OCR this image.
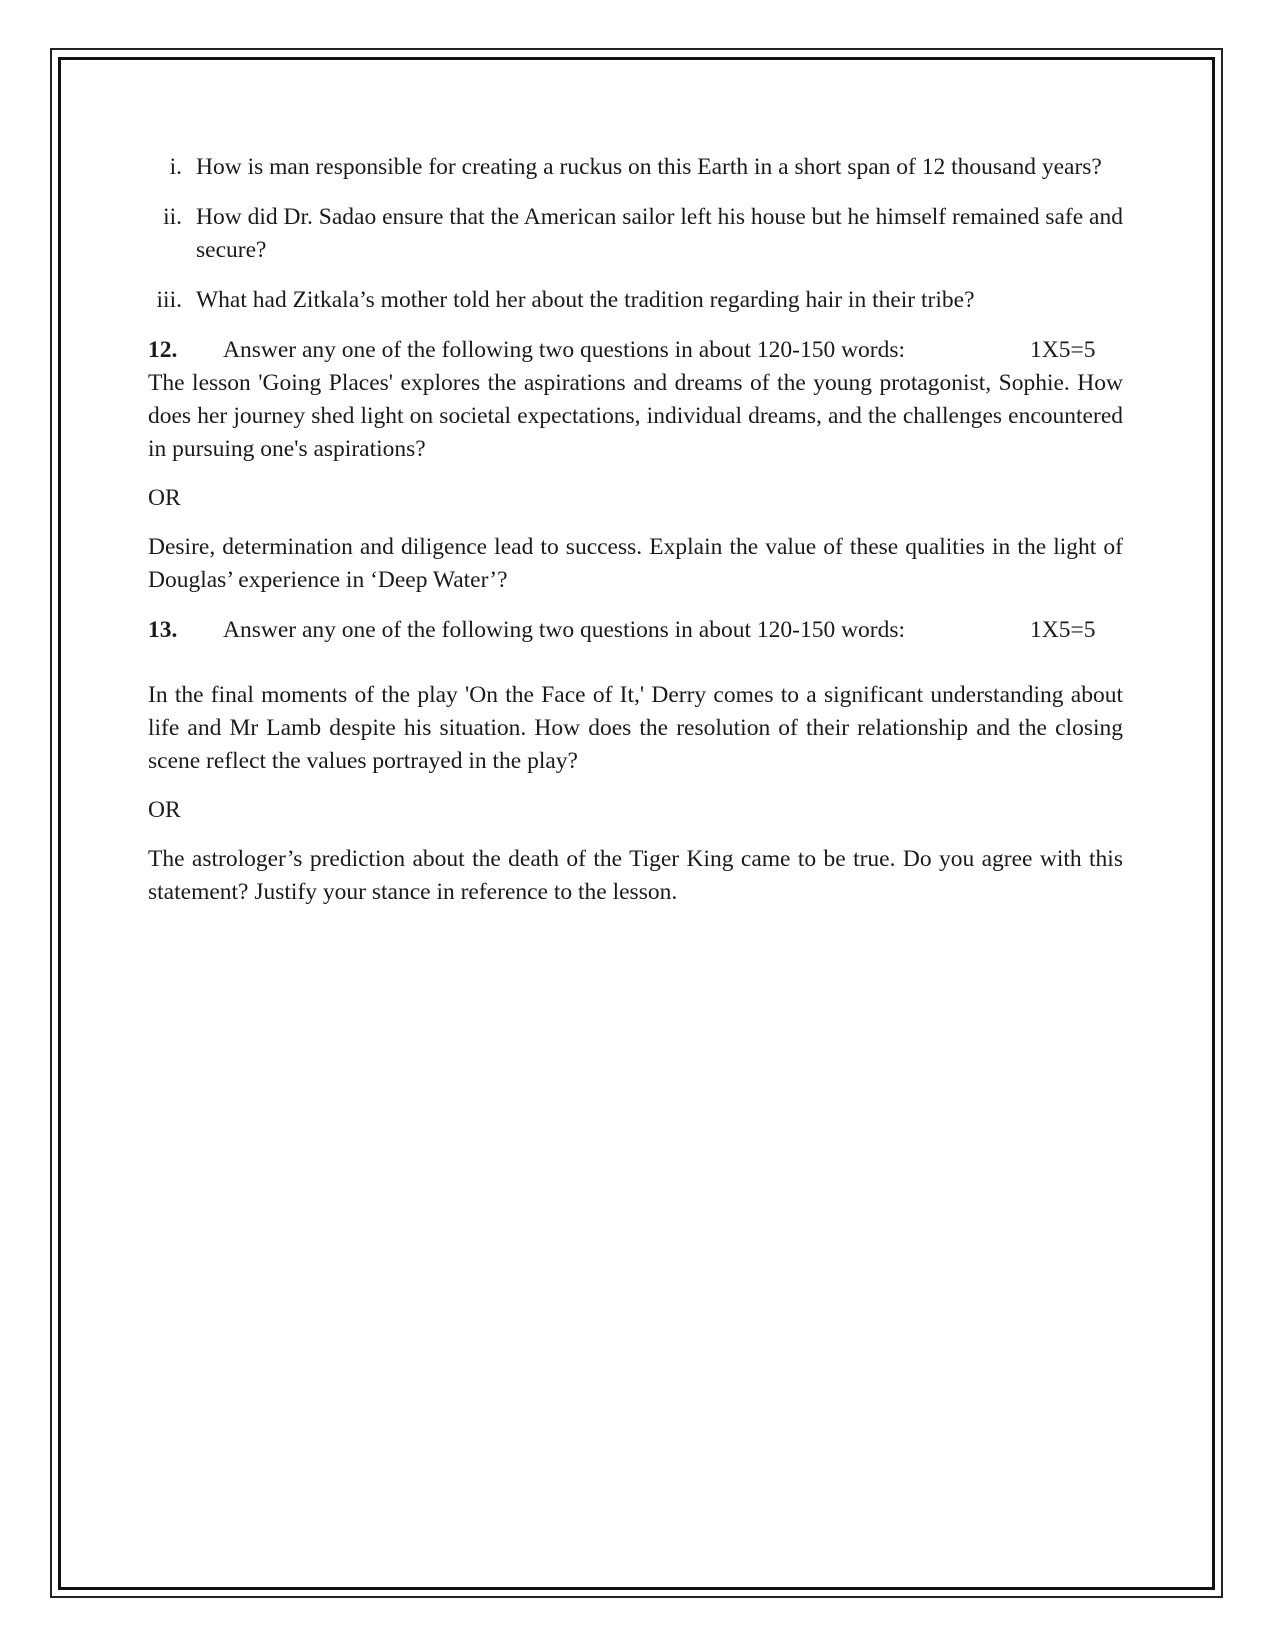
i. How is man responsible for creating a ruckus on this Earth in a short span of 12 thousand years?
ii. How did Dr. Sadao ensure that the American sailor left his house but he himself remained safe and secure?
iii. What had Zitkala’s mother told her about the tradition regarding hair in their tribe?
12.	Answer any one of the following two questions in about 120-150 words:	1X5=5
The lesson 'Going Places' explores the aspirations and dreams of the young protagonist, Sophie. How does her journey shed light on societal expectations, individual dreams, and the challenges encountered in pursuing one's aspirations?
OR
Desire, determination and diligence lead to success. Explain the value of these qualities in the light of Douglas’ experience in ‘Deep Water’?
13.	Answer any one of the following two questions in about 120-150 words:	1X5=5
In the final moments of the play 'On the Face of It,' Derry comes to a significant understanding about life and Mr Lamb despite his situation. How does the resolution of their relationship and the closing scene reflect the values portrayed in the play?
OR
The astrologer’s prediction about the death of the Tiger King came to be true. Do you agree with this statement? Justify your stance in reference to the lesson.
